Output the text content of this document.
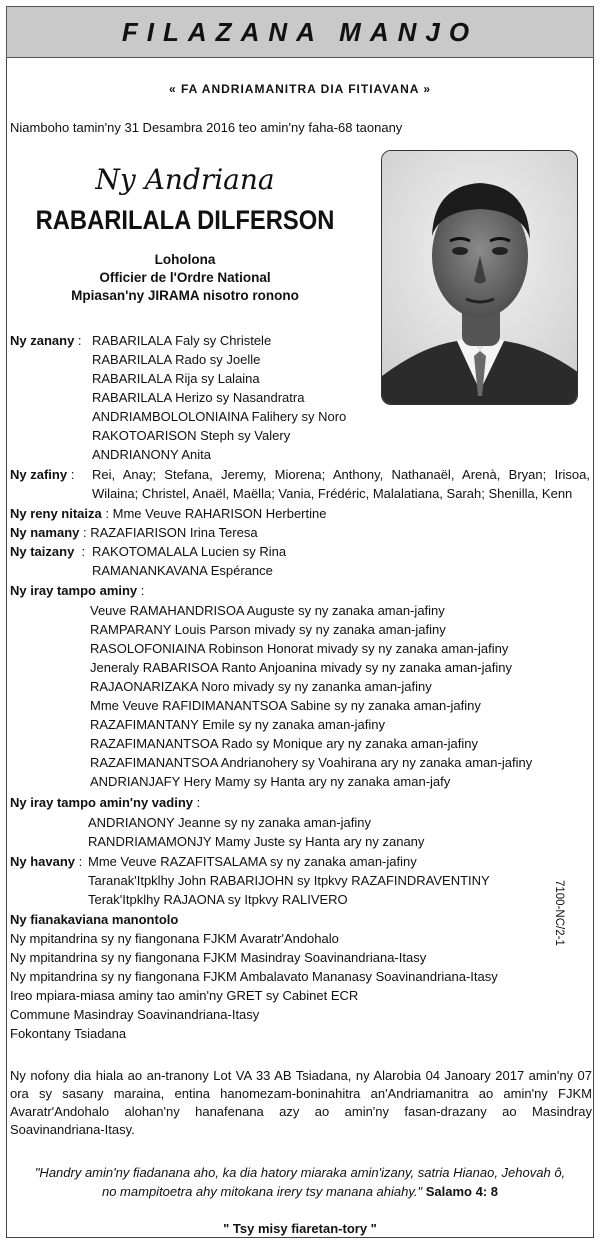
FILAZANA MANJO
« FA ANDRIAMANITRA DIA FITIAVANA »
Niamboho tamin'ny 31 Desambra 2016 teo amin'ny faha-68 taonany
Ny Andriana
RABARILALA DILFERSON
Loholona
Officier de l'Ordre National
Mpiasan'ny JIRAMA nisotro ronono
Ny zanany : RABARILALA Faly sy Christele
RABARILALA Rado sy Joelle
RABARILALA Rija sy Lalaina
RABARILALA Herizo sy Nasandratra
ANDRIAMBOLOLONIAINA Falihery sy Noro
RAKOTOARISON Steph sy Valery
ANDRIANONY Anita
Ny zafiny : Rei, Anay; Stefana, Jeremy, Miorena; Anthony, Nathanaël, Arenà, Bryan; Irisoa,
Wilaina; Christel, Anaël, Maëlla; Vania, Frédéric, Malalatiana, Sarah; Shenilla, Kenn
Ny reny nitaiza : Mme Veuve RAHARISON Herbertine
Ny namany : RAZAFIARISON Irina Teresa
Ny taizany  : RAKOTOMALALA Lucien sy Rina
RAMANANKAVANA Espérance
Ny iray tampo aminy :
Veuve RAMAHANDRISOA Auguste sy ny zanaka aman-jafiny
RAMPARANY Louis Parson mivady sy ny zanaka aman-jafiny
RASOLOFONIAINA Robinson Honorat mivady sy ny zanaka aman-jafiny
Jeneraly RABARISOA Ranto Anjoanina mivady sy ny zanaka aman-jafiny
RAJAONARIZAKA Noro mivady sy ny zananka aman-jafiny
Mme Veuve RAFIDIMANANTSOA Sabine sy ny zanaka aman-jafiny
RAZAFIMANTANY Emile sy ny zanaka aman-jafiny
RAZAFIMANANTSOA Rado sy Monique ary ny zanaka aman-jafiny
RAZAFIMANANTSOA Andrianohery sy Voahirana ary ny zanaka aman-jafiny
ANDRIANJAFY Hery Mamy sy Hanta ary ny zanaka aman-jafy
Ny iray tampo amin'ny vadiny :
ANDRIANONY Jeanne sy ny zanaka aman-jafiny
RANDRIAMAMONJY Mamy Juste sy Hanta ary ny zanany
Ny havany : Mme Veuve RAZAFITSALAMA sy ny zanaka aman-jafiny
Taranak'Itpklhy John RABARIJOHN sy Itpkvy RAZAFINDRAVENTINY
Terak'Itpklhy RAJAONA sy Itpkvy RALIVERO
Ny fianakaviana manontolo
Ny mpitandrina sy ny fiangonana FJKM Avaratr'Andohalo
Ny mpitandrina sy ny fiangonana FJKM Masindray Soavinandriana-Itasy
Ny mpitandrina sy ny fiangonana FJKM Ambalavato Mananasy Soavinandriana-Itasy
Ireo mpiara-miasa aminy tao amin'ny GRET sy Cabinet ECR
Commune Masindray Soavinandriana-Itasy
Fokontany Tsiadana
7100-NC/2-1
Ny nofony dia hiala ao an-tranony Lot VA 33 AB Tsiadana, ny Alarobia 04 Janoary 2017 amin'ny 07 ora sy sasany maraina, entina hanomezam-boninahitra an'Andriamanitra ao amin'ny FJKM Avaratr'Andohalo alohan'ny hanafenana azy ao amin'ny fasan-drazany ao Masindray Soavinandriana-Itasy.
"Handry amin'ny fiadanana aho, ka dia hatory miaraka amin'izany, satria Hianao, Jehovah ô,
no mampitoetra ahy mitokana irery tsy manana ahiahy." Salamo 4: 8
" Tsy misy fiaretan-tory "
